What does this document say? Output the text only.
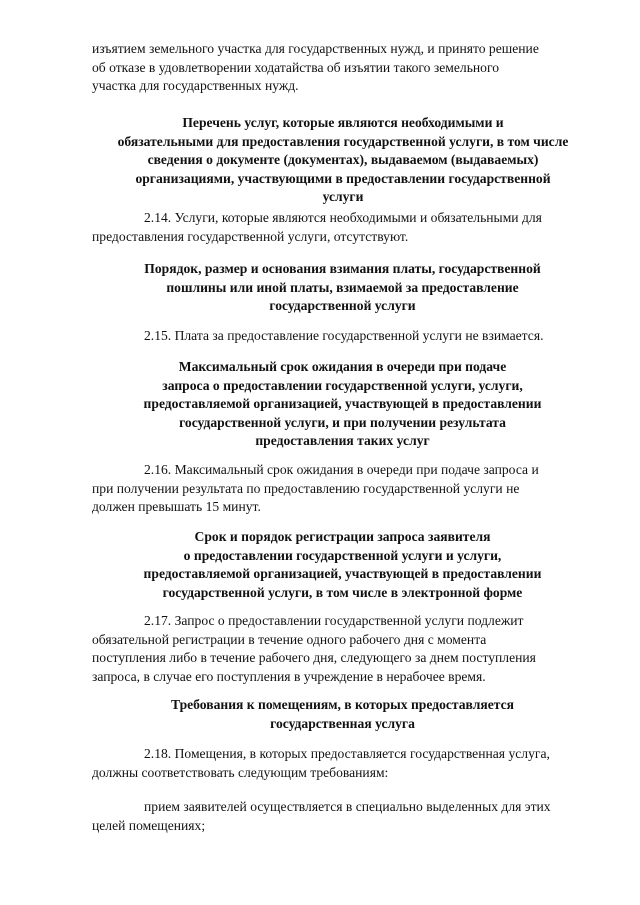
изъятием земельного участка для государственных нужд, и принято решение
об отказе в удовлетворении ходатайства об изъятии такого земельного
участка для государственных нужд.

Перечень услуг, которые являются необходимыми и
обязательными для предоставления государственной услуги, в том числе
сведения о документе (документах), выдаваемом (выдаваемых)
организациями, участвующими в предоставлении государственной
услуги

2.14. Услуги, которые являются необходимыми и обязательными для
предоставления государственной услуги, отсутствуют.

Порядок, размер и основания взимания платы, государственной
пошлины или иной платы, взимаемой за предоставление
государственной услуги

2.15. Плата за предоставление государственной услуги не взимается.

Максимальный срок ожидания в очереди при подаче
запроса о предоставлении государственной услуги, услуги,
предоставляемой организацией, участвующей в предоставлении
государственной услуги, и при получении результата
предоставления таких услуг

2.16. Максимальный срок ожидания в очереди при подаче запроса и
при получении результата по предоставлению государственной услуги не
должен превышать 15 минут.

Срок и порядок регистрации запроса заявителя
о предоставлении государственной услуги и услуги,
предоставляемой организацией, участвующей в предоставлении
государственной услуги, в том числе в электронной форме

2.17. Запрос о предоставлении государственной услуги подлежит
обязательной регистрации в течение одного рабочего дня с момента
поступления либо в течение рабочего дня, следующего за днем поступления
запроса, в случае его поступления в учреждение в нерабочее время.

Требования к помещениям, в которых предоставляется
государственная услуга

2.18. Помещения, в которых предоставляется государственная услуга,
должны соответствовать следующим требованиям:

прием заявителей осуществляется в специально выделенных для этих
целей помещениях;
